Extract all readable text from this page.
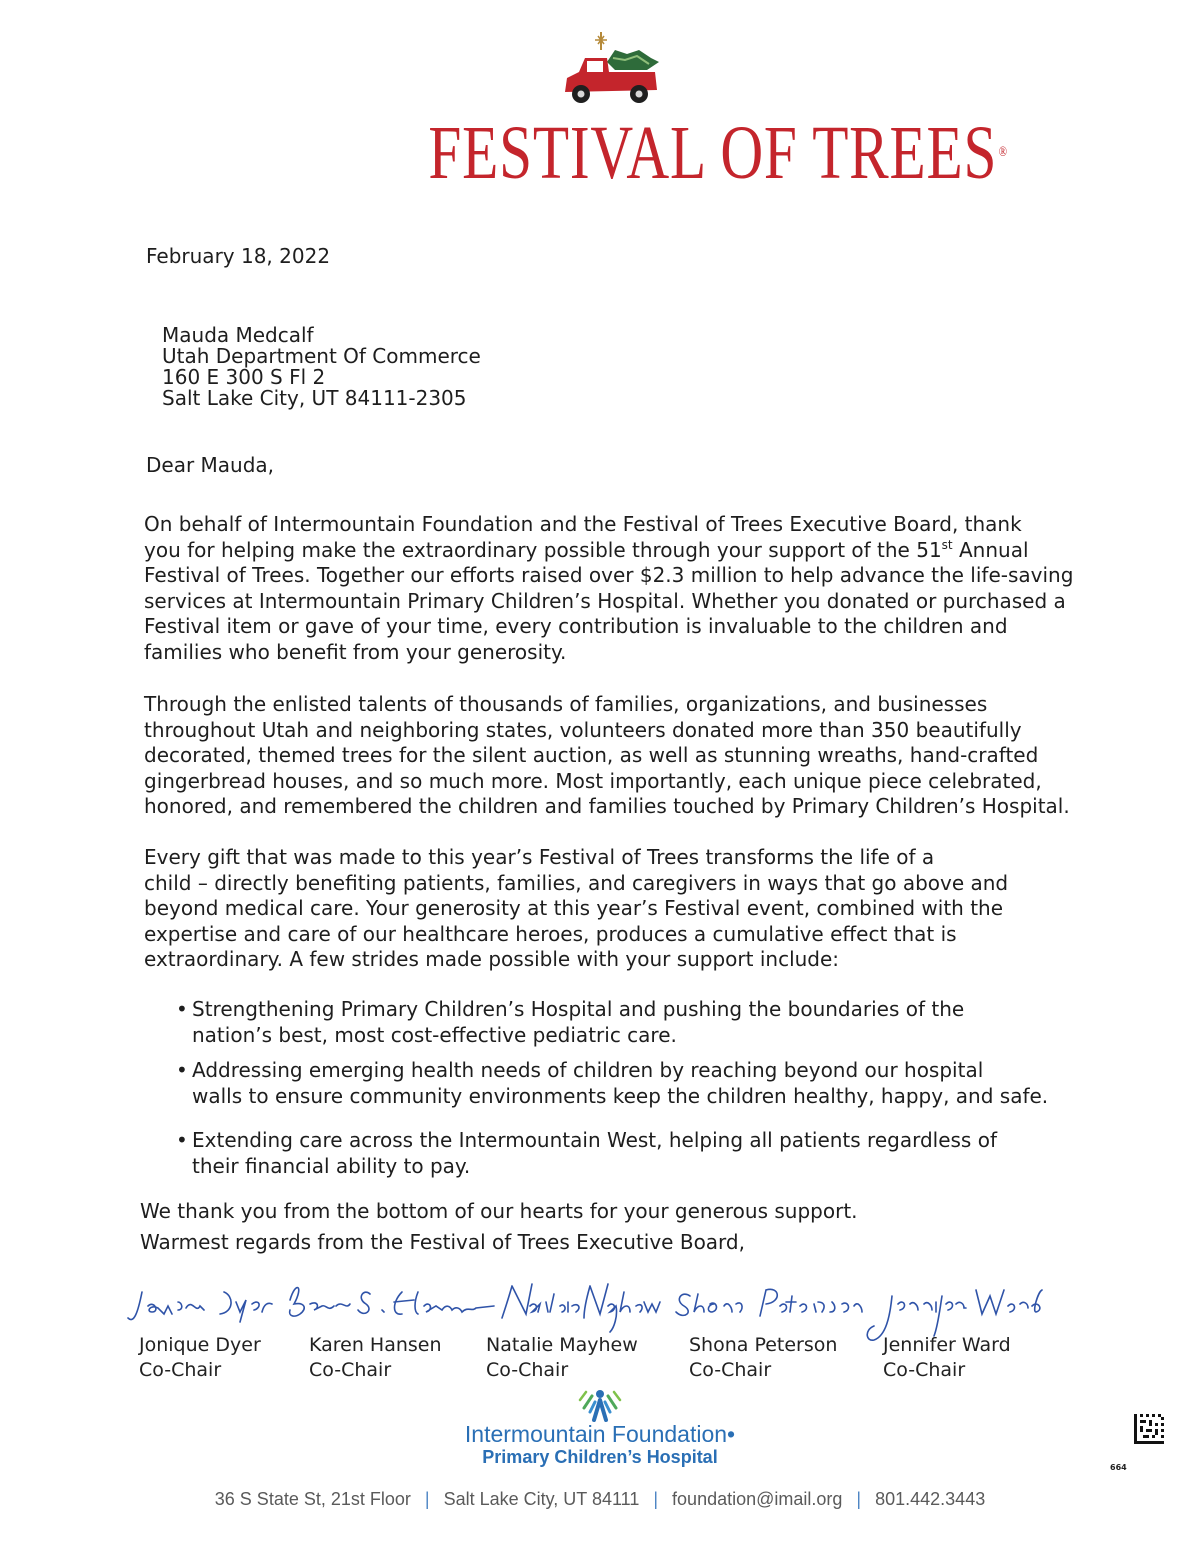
FESTIVAL OF TREES ®
February 18, 2022
Mauda Medcalf
Utah Department Of Commerce
160 E 300 S Fl 2
Salt Lake City, UT 84111-2305
Dear Mauda,
On behalf of Intermountain Foundation and the Festival of Trees Executive Board, thank
you for helping make the extraordinary possible through your support of the 51st Annual
Festival of Trees. Together our efforts raised over $2.3 million to help advance the life-saving
services at Intermountain Primary Children’s Hospital. Whether you donated or purchased a
Festival item or gave of your time, every contribution is invaluable to the children and
families who benefit from your generosity.
Through the enlisted talents of thousands of families, organizations, and businesses
throughout Utah and neighboring states, volunteers donated more than 350 beautifully
decorated, themed trees for the silent auction, as well as stunning wreaths, hand-crafted
gingerbread houses, and so much more. Most importantly, each unique piece celebrated,
honored, and remembered the children and families touched by Primary Children’s Hospital.
Every gift that was made to this year’s Festival of Trees transforms the life of a
child – directly benefiting patients, families, and caregivers in ways that go above and
beyond medical care. Your generosity at this year’s Festival event, combined with the
expertise and care of our healthcare heroes, produces a cumulative effect that is
extraordinary. A few strides made possible with your support include:
• Strengthening Primary Children’s Hospital and pushing the boundaries of the
nation’s best, most cost-effective pediatric care.
• Addressing emerging health needs of children by reaching beyond our hospital
walls to ensure community environments keep the children healthy, happy, and safe.
• Extending care across the Intermountain West, helping all patients regardless of
their financial ability to pay.
We thank you from the bottom of our hearts for your generous support.
Warmest regards from the Festival of Trees Executive Board,
Jonique Dyer
Co-Chair
Karen Hansen
Co-Chair
Natalie Mayhew
Co-Chair
Shona Peterson
Co-Chair
Jennifer Ward
Co-Chair
Intermountain Foundation•
Primary Children’s Hospital
36 S State St, 21st Floor | Salt Lake City, UT 84111 | foundation@imail.org | 801.442.3443
664
